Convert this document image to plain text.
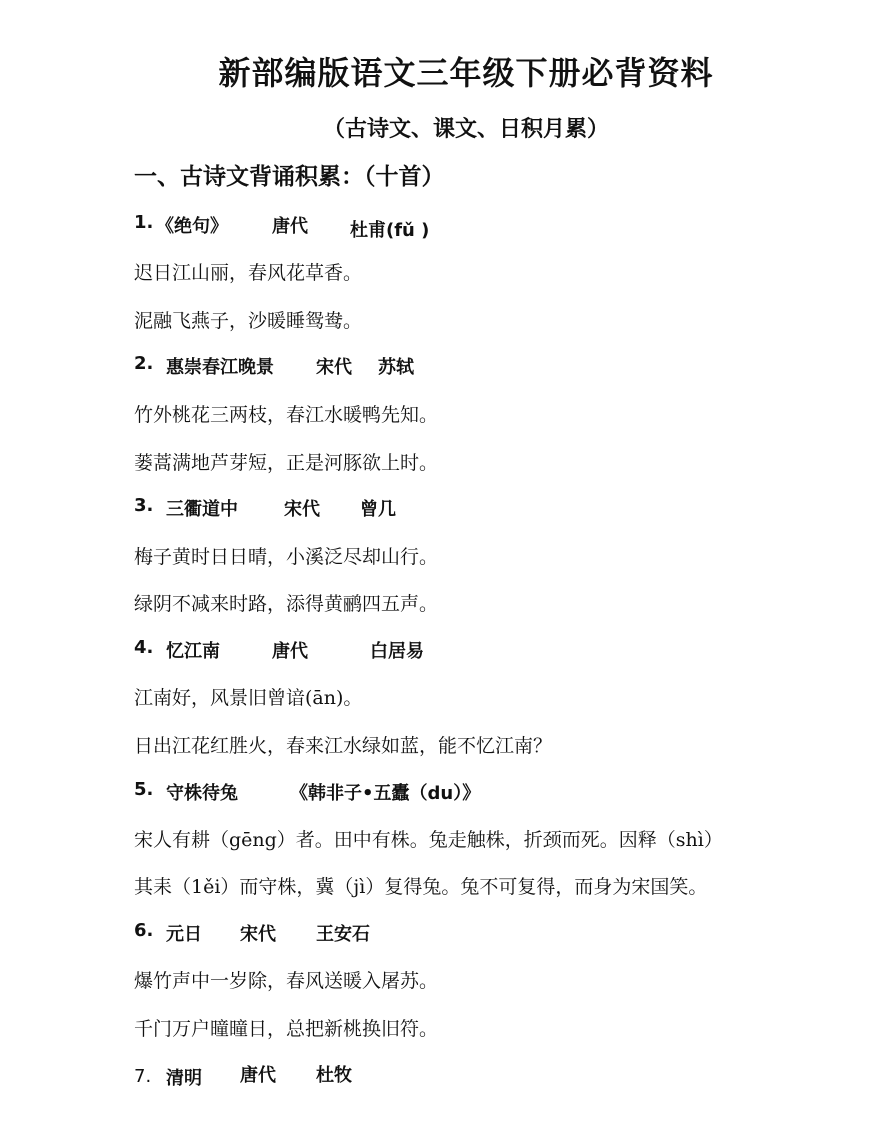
新部编版语文三年级下册必背资料
（古诗文、课文、日积月累）
一、古诗文背诵积累：（十首）
1. 《绝句》 唐代 杜甫(fǔ )
迟日江山丽，春风花草香。
泥融飞燕子，沙暖睡鸳鸯。
2. 惠崇春江晚景 宋代 苏轼
竹外桃花三两枝，春江水暖鸭先知。
蒌蒿满地芦芽短，正是河豚欲上时。
3. 三衢道中	宋代 曾几
梅子黄时日日晴，小溪泛尽却山行。
绿阴不减来时路，添得黄鹂四五声。
4. 忆江南	唐代	白居易
江南好，风景旧曾谙(ān)。
日出江花红胜火，春来江水绿如蓝，能不忆江南？
5. 守株待兔	《韩非子•五蠹（du）》
宋人有耕（gēng）者。田中有株。兔走触株，折颈而死。因释（shì）
其耒（1ěi）而守株，冀（jì）复得兔。兔不可复得，而身为宋国笑。
6. 元日 宋代 王安石
爆竹声中一岁除，春风送暖入屠苏。
千门万户曈曈日，总把新桃换旧符。
7. 清明 唐代 杜牧
